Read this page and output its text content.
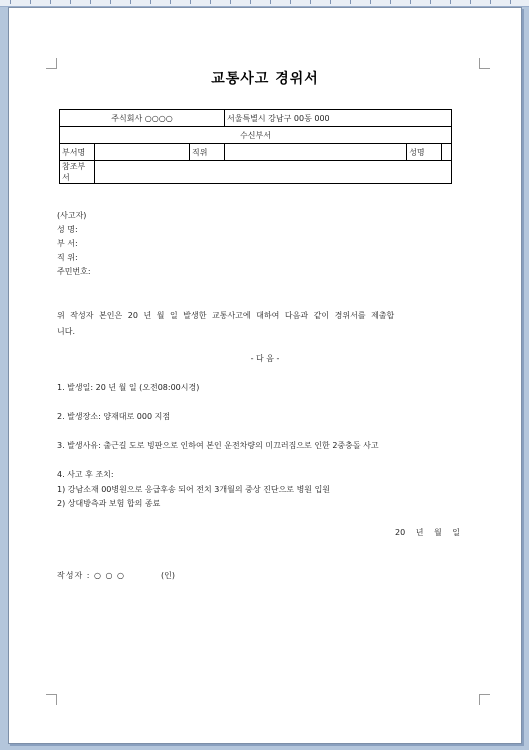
교통사고 경위서
주식회사 ○○○○			서울특별시 강남구 00동 000		
수신부서					
부서명		직위		성명	
참조부서					
(사고자)
성 명:
부 서:
직 위:
주민번호:
위 작성자 본인은 20 년 월 일 발생한 교통사고에 대하여 다음과 같이 경위서를 제출합
니다.
- 다 음 -
1. 발생일: 20 년 월 일 (오전08:00시경)
2. 발생장소: 양재대로 000 지점
3. 발생사유: 출근길 도로 빙판으로 인하여 본인 운전차량의 미끄러짐으로 인한 2중충돌 사고
4. 사고 후 조치:
1) 강남소재 00병원으로 응급후송 되어 전치 3개월의 중상 진단으로 병원 입원
2) 상대방측과 보험 합의 종료
20 년 월 일
작성자 : ○ ○ ○	(인)
